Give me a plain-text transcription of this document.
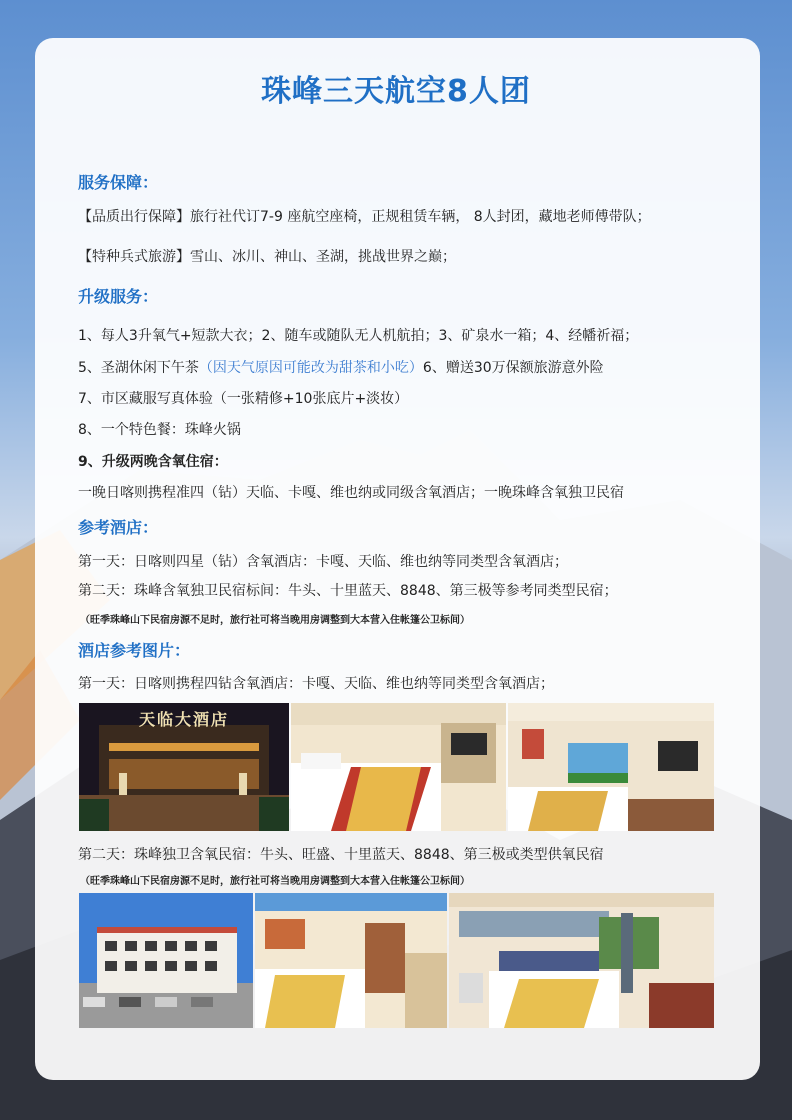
珠峰三天航空8人团
服务保障：
【品质出行保障】旅行社代订7-9 座航空座椅，正规租赁车辆， 8人封团，藏地老师傅带队；
【特种兵式旅游】雪山、冰川、神山、圣湖，挑战世界之巅；
升级服务：
1、每人3升氧气+短款大衣；2、随车或随队无人机航拍；3、矿泉水一箱；4、经幡祈福；
5、圣湖休闲下午茶（因天气原因可能改为甜茶和小吃）6、赠送30万保额旅游意外险
7、市区藏服写真体验（一张精修+10张底片+淡妆）
8、一个特色餐：珠峰火锅
9、升级两晚含氧住宿：
一晚日喀则携程准四（钻）天临、卡嘎、维也纳或同级含氧酒店；一晚珠峰含氧独卫民宿
参考酒店：
第一天：日喀则四星（钻）含氧酒店：卡嘎、天临、维也纳等同类型含氧酒店；
第二天：珠峰含氧独卫民宿标间：牛头、十里蓝天、8848、第三极等参考同类型民宿；
（旺季珠峰山下民宿房源不足时，旅行社可将当晚用房调整到大本营入住帐篷公卫标间）
酒店参考图片：
第一天：日喀则携程四钻含氧酒店：卡嘎、天临、维也纳等同类型含氧酒店；
天临大酒店
第二天：珠峰独卫含氧民宿：牛头、旺盛、十里蓝天、8848、第三极或类型供氧民宿
（旺季珠峰山下民宿房源不足时，旅行社可将当晚用房调整到大本营入住帐篷公卫标间）
